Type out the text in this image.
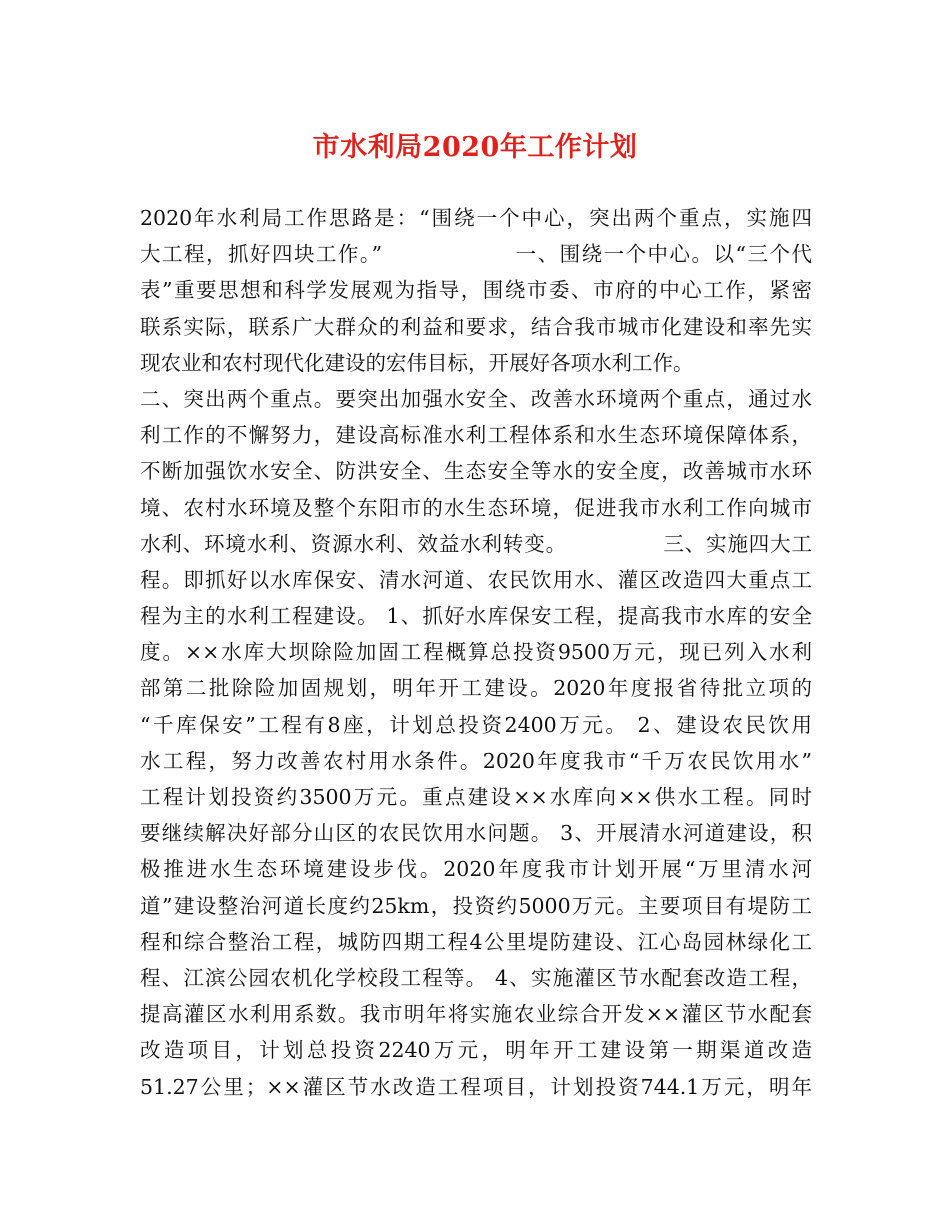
市水利局2020年工作计划
2020年水利局工作思路是：“围绕一个中心，突出两个重点，实施四
大工程，抓好四块工作。”　　　　　　一、围绕一个中心。以“三个代
表”重要思想和科学发展观为指导，围绕市委、市府的中心工作，紧密
联系实际，联系广大群众的利益和要求，结合我市城市化建设和率先实
现农业和农村现代化建设的宏伟目标，开展好各项水利工作。
二、突出两个重点。要突出加强水安全、改善水环境两个重点，通过水
利工作的不懈努力，建设高标准水利工程体系和水生态环境保障体系，
不断加强饮水安全、防洪安全、生态安全等水的安全度，改善城市水环
境、农村水环境及整个东阳市的水生态环境，促进我市水利工作向城市
水利、环境水利、资源水利、效益水利转变。　　　　　三、实施四大工
程。即抓好以水库保安、清水河道、农民饮用水、灌区改造四大重点工
程为主的水利工程建设。 1、抓好水库保安工程，提高我市水库的安全
度。××水库大坝除险加固工程概算总投资9500万元，现已列入水利
部第二批除险加固规划，明年开工建设。2020年度报省待批立项的
“千库保安”工程有8座，计划总投资2400万元。 2、建设农民饮用
水工程，努力改善农村用水条件。2020年度我市“千万农民饮用水”
工程计划投资约3500万元。重点建设××水库向××供水工程。同时
要继续解决好部分山区的农民饮用水问题。 3、开展清水河道建设，积
极推进水生态环境建设步伐。2020年度我市计划开展“万里清水河
道”建设整治河道长度约25km，投资约5000万元。主要项目有堤防工
程和综合整治工程，城防四期工程4公里堤防建设、江心岛园林绿化工
程、江滨公园农机化学校段工程等。 4、实施灌区节水配套改造工程，
提高灌区水利用系数。我市明年将实施农业综合开发××灌区节水配套
改造项目，计划总投资2240万元，明年开工建设第一期渠道改造
51.27公里；××灌区节水改造工程项目，计划投资744.1万元，明年
